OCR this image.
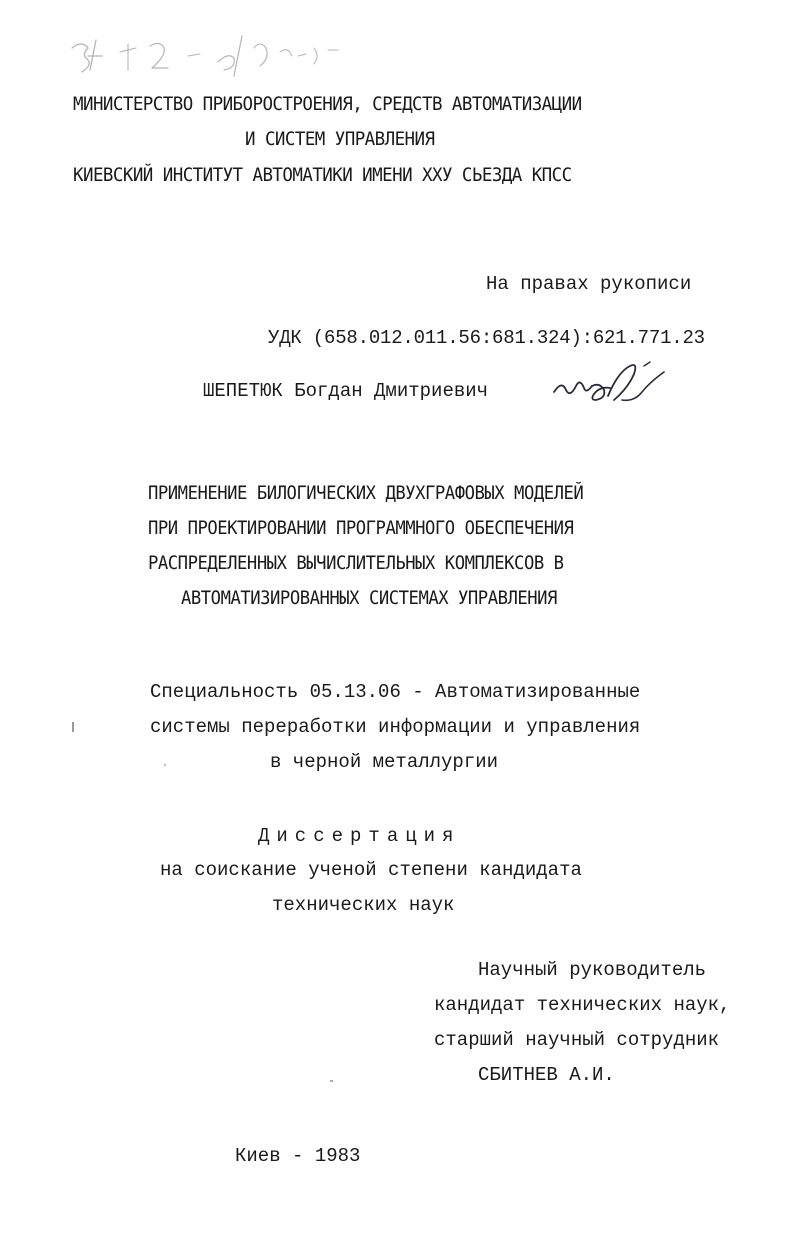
МИНИСТЕРСТВО ПРИБОРОСТРОЕНИЯ, СРЕДСТВ АВТОМАТИЗАЦИИ
И СИСТЕМ УПРАВЛЕНИЯ
КИЕВСКИЙ ИНСТИТУТ АВТОМАТИКИ ИМЕНИ ХХУ СЬЕЗДА КПСС
На правах рукописи
УДК (658.012.011.56:681.324):621.771.23
ШЕПЕТЮК Богдан Дмитриевич
ПРИМЕНЕНИЕ БИЛОГИЧЕСКИХ ДВУХГРАФОВЫХ МОДЕЛЕЙ
ПРИ ПРОЕКТИРОВАНИИ ПРОГРАММНОГО ОБЕСПЕЧЕНИЯ
РАСПРЕДЕЛЕННЫХ ВЫЧИСЛИТЕЛЬНЫХ КОМПЛЕКСОВ В
АВТОМАТИЗИРОВАННЫХ СИСТЕМАХ УПРАВЛЕНИЯ
Специальность 05.13.06 - Автоматизированные
системы переработки информации и управления
в черной металлургии
Диссертация
на соискание ученой степени кандидата
технических наук
Научный руководитель
кандидат технических наук,
старший научный сотрудник
СБИТНЕВ А.И.
Киев - 1983
